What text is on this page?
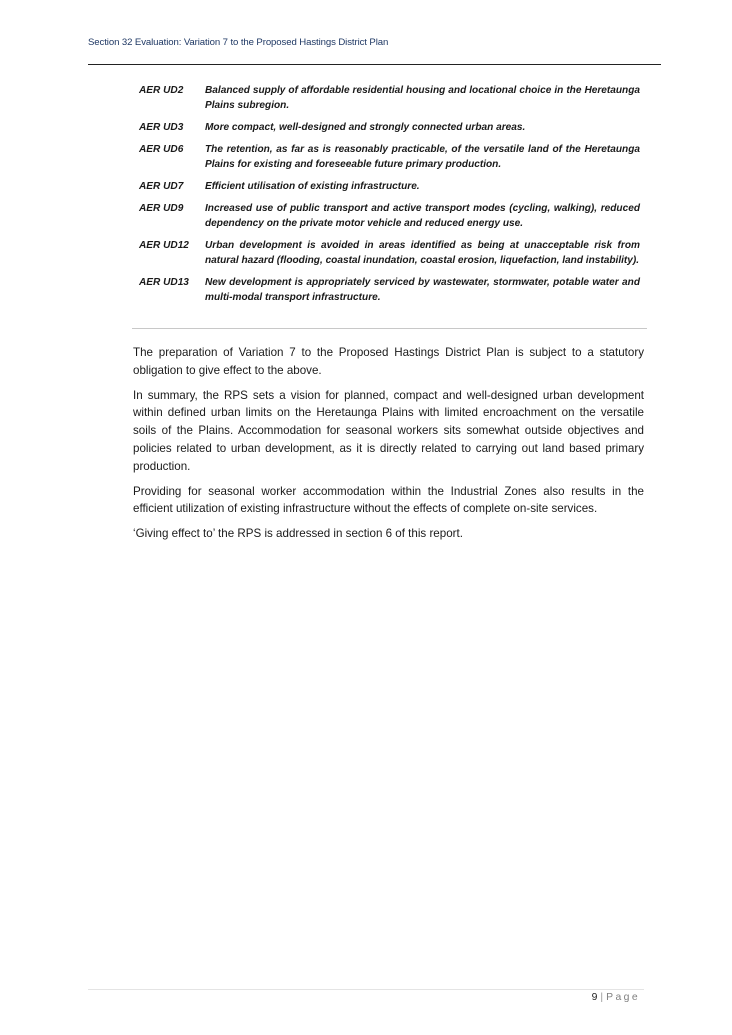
Section 32 Evaluation: Variation 7 to the Proposed Hastings District Plan
AER UD2	Balanced supply of affordable residential housing and locational choice in the Heretaunga Plains subregion.
AER UD3	More compact, well-designed and strongly connected urban areas.
AER UD6	The retention, as far as is reasonably practicable, of the versatile land of the Heretaunga Plains for existing and foreseeable future primary production.
AER UD7	Efficient utilisation of existing infrastructure.
AER UD9	Increased use of public transport and active transport modes (cycling, walking), reduced dependency on the private motor vehicle and reduced energy use.
AER UD12	Urban development is avoided in areas identified as being at unacceptable risk from natural hazard (flooding, coastal inundation, coastal erosion, liquefaction, land instability).
AER UD13	New development is appropriately serviced by wastewater, stormwater, potable water and multi-modal transport infrastructure.

The preparation of Variation 7 to the Proposed Hastings District Plan is subject to a statutory obligation to give effect to the above.

In summary, the RPS sets a vision for planned, compact and well-designed urban development within defined urban limits on the Heretaunga Plains with limited encroachment on the versatile soils of the Plains. Accommodation for seasonal workers sits somewhat outside objectives and policies related to urban development, as it is directly related to carrying out land based primary production.

Providing for seasonal worker accommodation within the Industrial Zones also results in the efficient utilization of existing infrastructure without the effects of complete on-site services.

‘Giving effect to’ the RPS is addressed in section 6 of this report.

9 | Page
